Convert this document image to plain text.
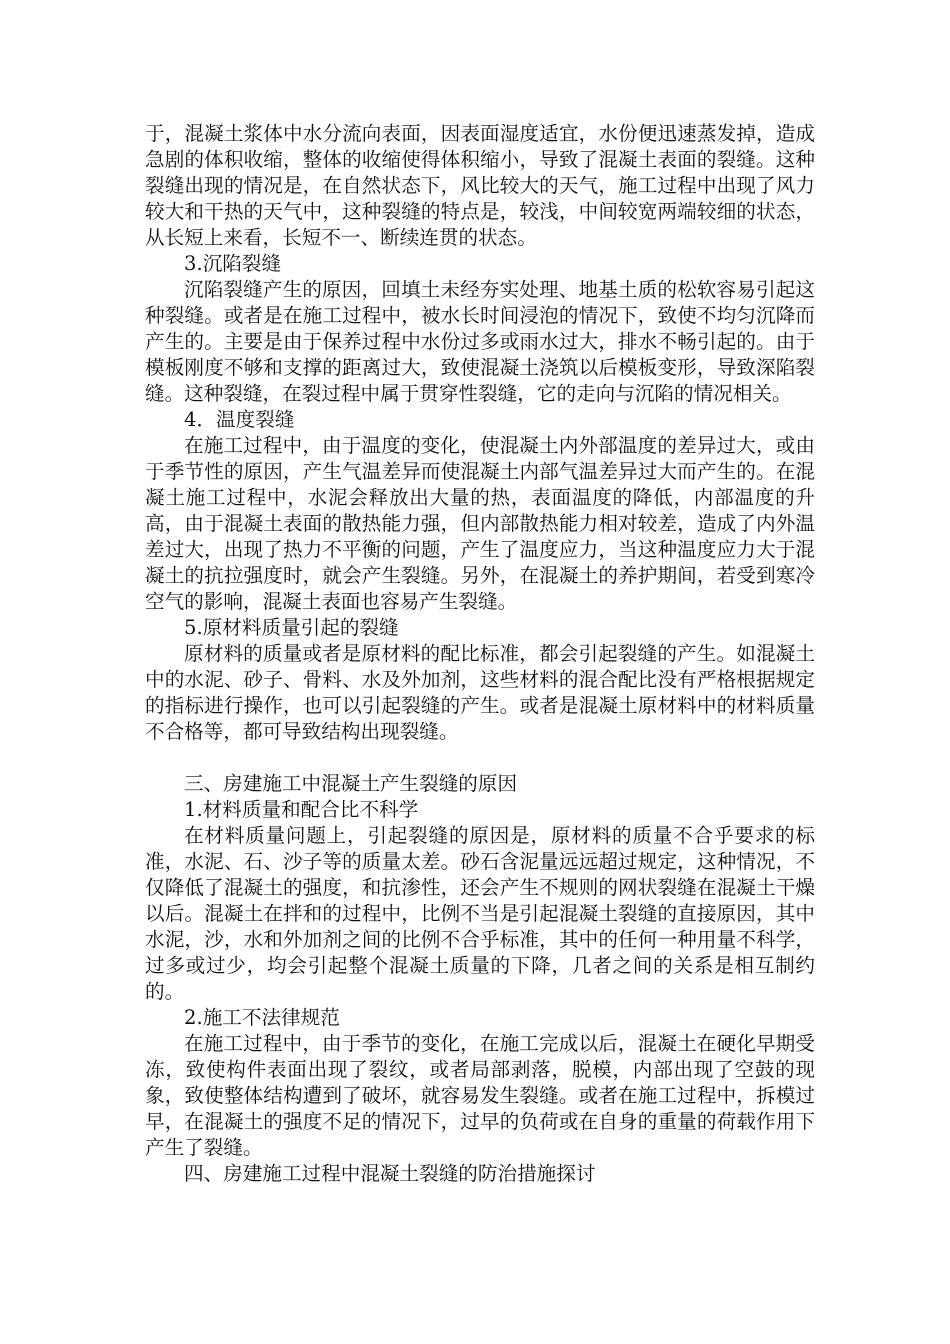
于，混凝土浆体中水分流向表面，因表面湿度适宜，水份便迅速蒸发掉，造成急剧的体积收缩，整体的收缩使得体积缩小，导致了混凝土表面的裂缝。这种裂缝出现的情况是，在自然状态下，风比较大的天气，施工过程中出现了风力较大和干热的天气中，这种裂缝的特点是，较浅，中间较宽两端较细的状态，从长短上来看，长短不一、断续连贯的状态。

3.沉陷裂缝

沉陷裂缝产生的原因，回填土未经夯实处理、地基土质的松软容易引起这种裂缝。或者是在施工过程中，被水长时间浸泡的情况下，致使不均匀沉降而产生的。主要是由于保养过程中水份过多或雨水过大，排水不畅引起的。由于模板刚度不够和支撑的距离过大，致使混凝土浇筑以后模板变形，导致深陷裂缝。这种裂缝，在裂过程中属于贯穿性裂缝，它的走向与沉陷的情况相关。

4．温度裂缝

在施工过程中，由于温度的变化，使混凝土内外部温度的差异过大，或由于季节性的原因，产生气温差异而使混凝土内部气温差异过大而产生的。在混凝土施工过程中，水泥会释放出大量的热，表面温度的降低，内部温度的升高，由于混凝土表面的散热能力强，但内部散热能力相对较差，造成了内外温差过大，出现了热力不平衡的问题，产生了温度应力，当这种温度应力大于混凝土的抗拉强度时，就会产生裂缝。另外，在混凝土的养护期间，若受到寒冷空气的影响，混凝土表面也容易产生裂缝。

5.原材料质量引起的裂缝

原材料的质量或者是原材料的配比标准，都会引起裂缝的产生。如混凝土中的水泥、砂子、骨料、水及外加剂，这些材料的混合配比没有严格根据规定的指标进行操作，也可以引起裂缝的产生。或者是混凝土原材料中的材料质量不合格等，都可导致结构出现裂缝。

三、房建施工中混凝土产生裂缝的原因

1.材料质量和配合比不科学

在材料质量问题上，引起裂缝的原因是，原材料的质量不合乎要求的标准，水泥、石、沙子等的质量太差。砂石含泥量远远超过规定，这种情况，不仅降低了混凝土的强度，和抗渗性，还会产生不规则的网状裂缝在混凝土干燥以后。混凝土在拌和的过程中，比例不当是引起混凝土裂缝的直接原因，其中水泥，沙，水和外加剂之间的比例不合乎标准，其中的任何一种用量不科学，过多或过少，均会引起整个混凝土质量的下降，几者之间的关系是相互制约的。

2.施工不法律规范

在施工过程中，由于季节的变化，在施工完成以后，混凝土在硬化早期受冻，致使构件表面出现了裂纹，或者局部剥落，脱模，内部出现了空鼓的现象，致使整体结构遭到了破坏，就容易发生裂缝。或者在施工过程中，拆模过早，在混凝土的强度不足的情况下，过早的负荷或在自身的重量的荷载作用下产生了裂缝。

四、房建施工过程中混凝土裂缝的防治措施探讨
